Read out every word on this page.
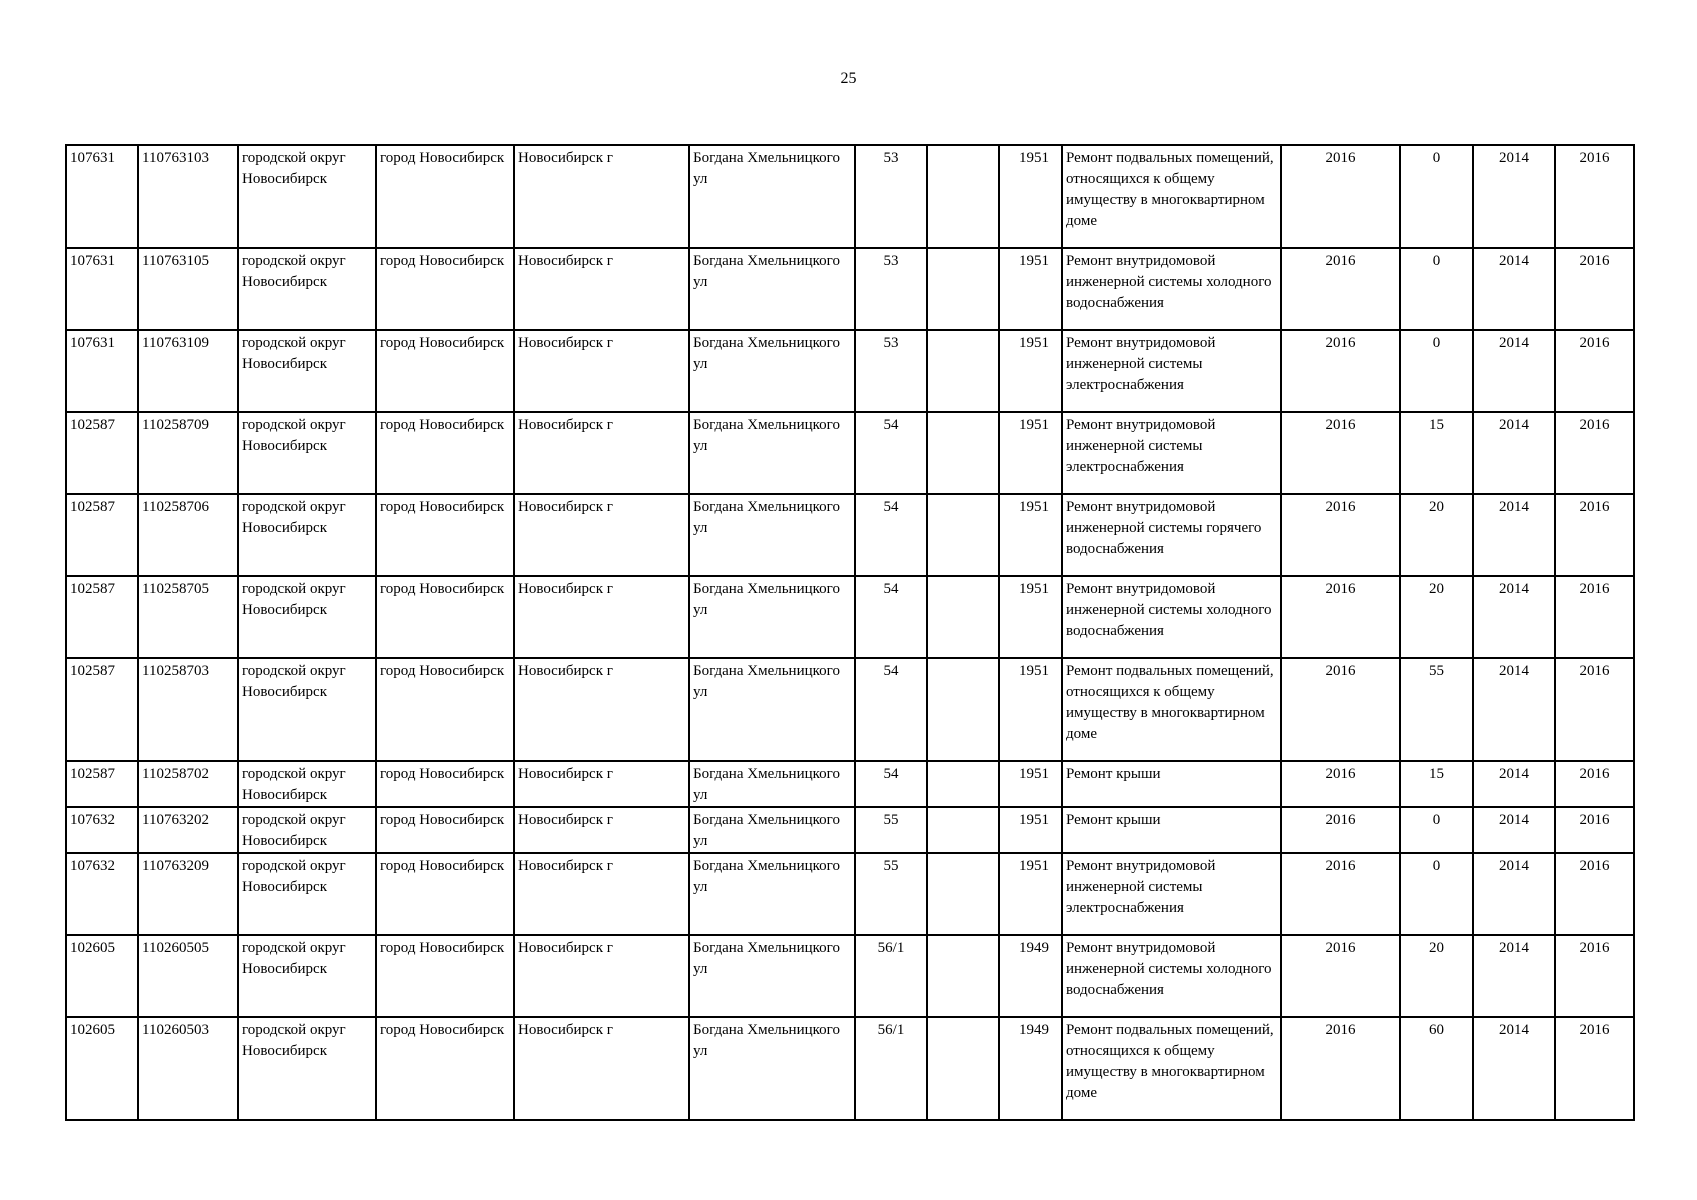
25
107631	110763103	городской округ Новосибирск	город Новосибирск	Новосибирск г	Богдана Хмельницкого ул	53		1951	Ремонт подвальных помещений, относящихся к общему имуществу в многоквартирном доме	2016	0	2014	2016
107631	110763105	городской округ Новосибирск	город Новосибирск	Новосибирск г	Богдана Хмельницкого ул	53		1951	Ремонт внутридомовой инженерной системы холодного водоснабжения	2016	0	2014	2016
107631	110763109	городской округ Новосибирск	город Новосибирск	Новосибирск г	Богдана Хмельницкого ул	53		1951	Ремонт внутридомовой инженерной системы электроснабжения	2016	0	2014	2016
102587	110258709	городской округ Новосибирск	город Новосибирск	Новосибирск г	Богдана Хмельницкого ул	54		1951	Ремонт внутридомовой инженерной системы электроснабжения	2016	15	2014	2016
102587	110258706	городской округ Новосибирск	город Новосибирск	Новосибирск г	Богдана Хмельницкого ул	54		1951	Ремонт внутридомовой инженерной системы горячего водоснабжения	2016	20	2014	2016
102587	110258705	городской округ Новосибирск	город Новосибирск	Новосибирск г	Богдана Хмельницкого ул	54		1951	Ремонт внутридомовой инженерной системы холодного водоснабжения	2016	20	2014	2016
102587	110258703	городской округ Новосибирск	город Новосибирск	Новосибирск г	Богдана Хмельницкого ул	54		1951	Ремонт подвальных помещений, относящихся к общему имуществу в многоквартирном доме	2016	55	2014	2016
102587	110258702	городской округ Новосибирск	город Новосибирск	Новосибирск г	Богдана Хмельницкого ул	54		1951	Ремонт крыши	2016	15	2014	2016
107632	110763202	городской округ Новосибирск	город Новосибирск	Новосибирск г	Богдана Хмельницкого ул	55		1951	Ремонт крыши	2016	0	2014	2016
107632	110763209	городской округ Новосибирск	город Новосибирск	Новосибирск г	Богдана Хмельницкого ул	55		1951	Ремонт внутридомовой инженерной системы электроснабжения	2016	0	2014	2016
102605	110260505	городской округ Новосибирск	город Новосибирск	Новосибирск г	Богдана Хмельницкого ул	56/1		1949	Ремонт внутридомовой инженерной системы холодного водоснабжения	2016	20	2014	2016
102605	110260503	городской округ Новосибирск	город Новосибирск	Новосибирск г	Богдана Хмельницкого ул	56/1		1949	Ремонт подвальных помещений, относящихся к общему имуществу в многоквартирном доме	2016	60	2014	2016
